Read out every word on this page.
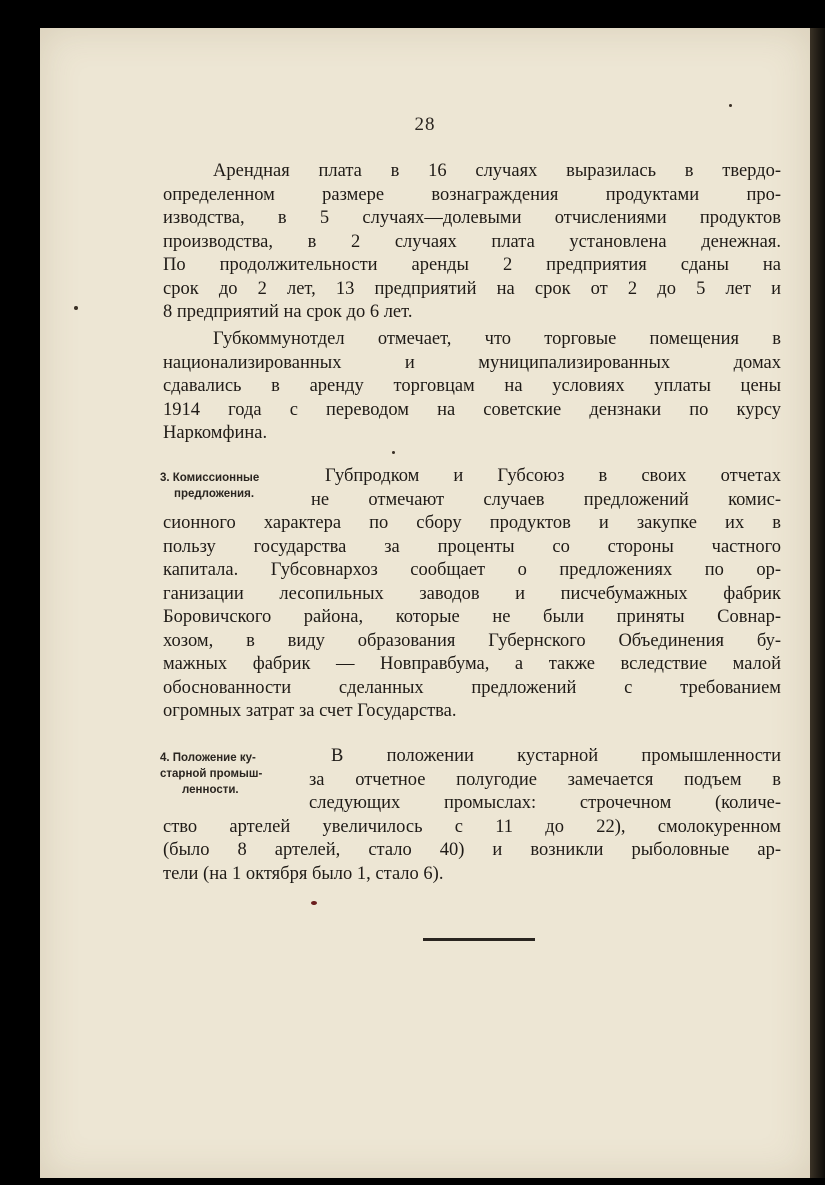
28
Арендная плата в 16 случаях выразилась в твердо-
определенном размере вознаграждения продуктами про-
изводства, в 5 случаях—долевыми отчислениями продуктов
производства, в 2 случаях плата установлена денежная.
По продолжительности аренды 2 предприятия сданы на
срок до 2 лет, 13 предприятий на срок от 2 до 5 лет и
8 предприятий на срок до 6 лет.
Губкоммунотдел отмечает, что торговые помещения в
национализированных и муниципализированных домах
сдавались в аренду торговцам на условиях уплаты цены
1914 года с переводом на советские дензнаки по курсу
Наркомфина.
3. Комиссионные
предложения.
Губпродком и Губсоюз в своих отчетах
не отмечают случаев предложений комис-
сионного характера по сбору продуктов и закупке их в
пользу государства за проценты со стороны частного
капитала. Губсовнархоз сообщает о предложениях по ор-
ганизации лесопильных заводов и писчебумажных фабрик
Боровичского района, которые не были приняты Совнар-
хозом, в виду образования Губернского Объединения бу-
мажных фабрик — Новправбума, а также вследствие малой
обоснованности сделанных предложений с требованием
огромных затрат за счет Государства.
4. Положение ку-
старной промыш-
ленности.
В положении кустарной промышленности
за отчетное полугодие замечается подъем в
следующих промыслах: строчечном (количе-
ство артелей увеличилось с 11 до 22), смолокуренном
(было 8 артелей, стало 40) и возникли рыболовные ар-
тели (на 1 октября было 1, стало 6).
